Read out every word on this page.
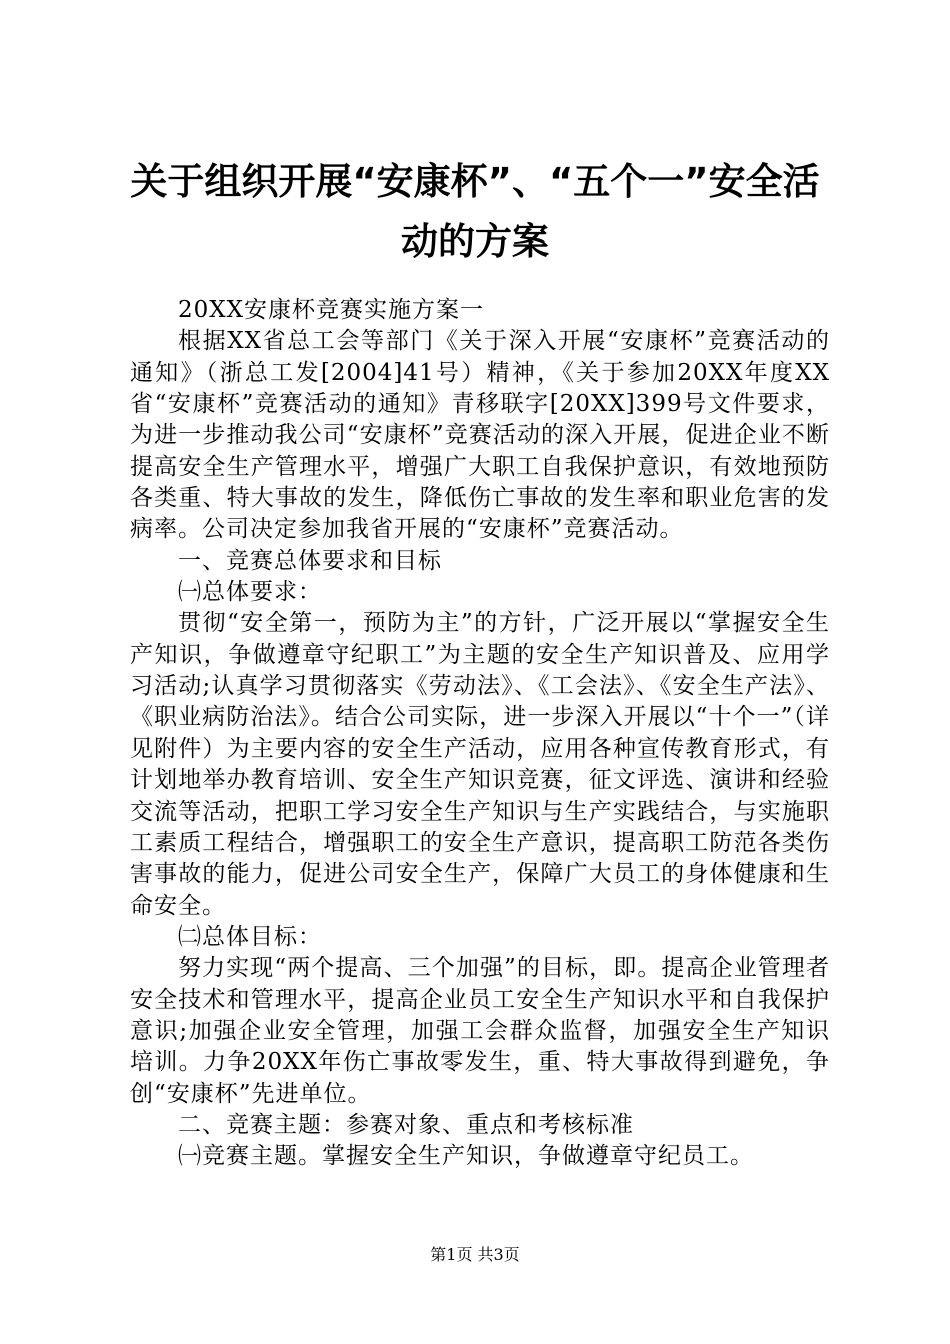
关于组织开展“安康杯”、“五个一”安全活
动的方案

20XX安康杯竞赛实施方案一

根据XX省总工会等部门《关于深入开展“安康杯”竞赛活动的通知》（浙总工发[2004]41号）精神，《关于参加20XX年度XX省“安康杯”竞赛活动的通知》青移联字[20XX]399号文件要求，为进一步推动我公司“安康杯”竞赛活动的深入开展，促进企业不断提高安全生产管理水平，增强广大职工自我保护意识，有效地预防各类重、特大事故的发生，降低伤亡事故的发生率和职业危害的发病率。公司决定参加我省开展的“安康杯”竞赛活动。

一、竞赛总体要求和目标

㈠总体要求：

贯彻“安全第一，预防为主”的方针，广泛开展以“掌握安全生产知识，争做遵章守纪职工”为主题的安全生产知识普及、应用学习活动;认真学习贯彻落实《劳动法》、《工会法》、《安全生产法》、《职业病防治法》。结合公司实际，进一步深入开展以“十个一”（详见附件）为主要内容的安全生产活动，应用各种宣传教育形式，有计划地举办教育培训、安全生产知识竞赛，征文评选、演讲和经验交流等活动，把职工学习安全生产知识与生产实践结合，与实施职工素质工程结合，增强职工的安全生产意识，提高职工防范各类伤害事故的能力，促进公司安全生产，保障广大员工的身体健康和生命安全。

㈡总体目标：

努力实现“两个提高、三个加强”的目标，即。提高企业管理者安全技术和管理水平，提高企业员工安全生产知识水平和自我保护意识;加强企业安全管理，加强工会群众监督，加强安全生产知识培训。力争20XX年伤亡事故零发生，重、特大事故得到避免，争创“安康杯”先进单位。

二、竞赛主题：参赛对象、重点和考核标准

㈠竞赛主题。掌握安全生产知识，争做遵章守纪员工。

第1页 共3页
